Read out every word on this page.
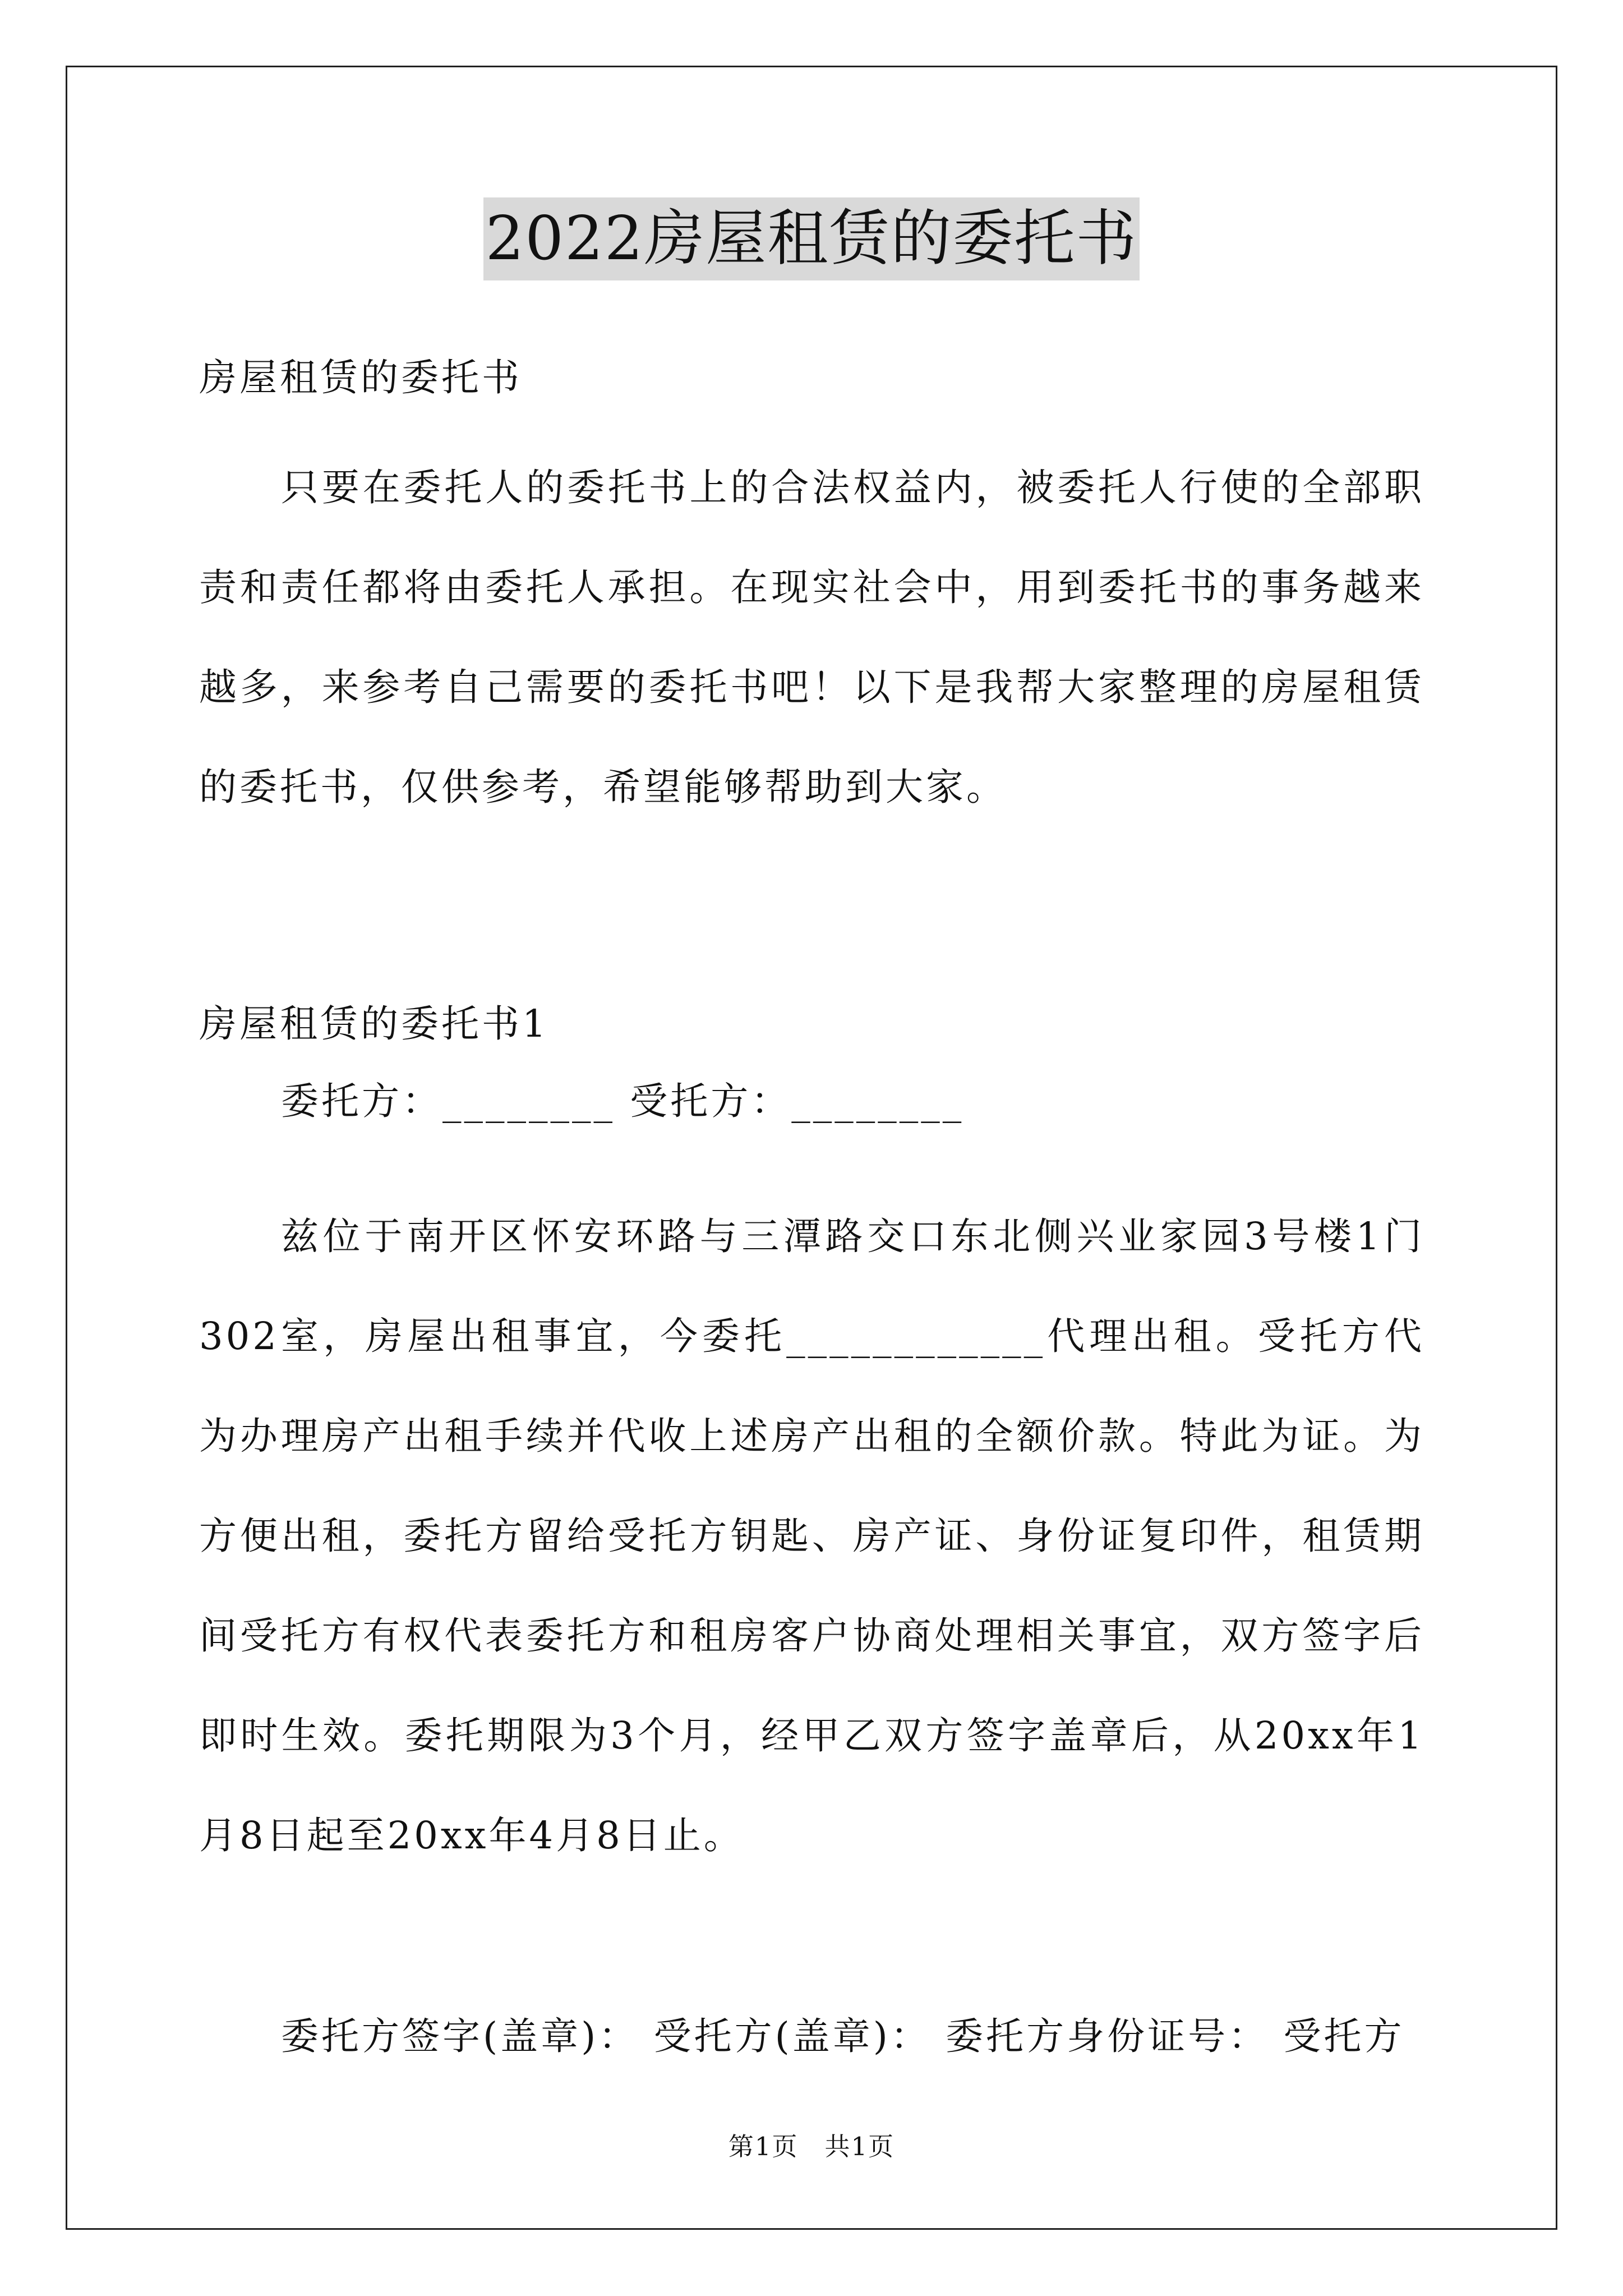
2022房屋租赁的委托书

房屋租赁的委托书

只要在委托人的委托书上的合法权益内，被委托人行使的全部职责和责任都将由委托人承担。在现实社会中，用到委托书的事务越来越多，来参考自己需要的委托书吧！以下是我帮大家整理的房屋租赁的委托书，仅供参考，希望能够帮助到大家。

房屋租赁的委托书1

委托方：________ 受托方：________

兹位于南开区怀安环路与三潭路交口东北侧兴业家园3号楼1门302室，房屋出租事宜，今委托____________代理出租。受托方代为办理房产出租手续并代收上述房产出租的全额价款。特此为证。为方便出租，委托方留给受托方钥匙、房产证、身份证复印件，租赁期间受托方有权代表委托方和租房客户协商处理相关事宜，双方签字后即时生效。委托期限为3个月，经甲乙双方签字盖章后，从20xx年1月8日起至20xx年4月8日止。

委托方签字(盖章)： 受托方(盖章)： 委托方身份证号： 受托方

第1页　共1页
